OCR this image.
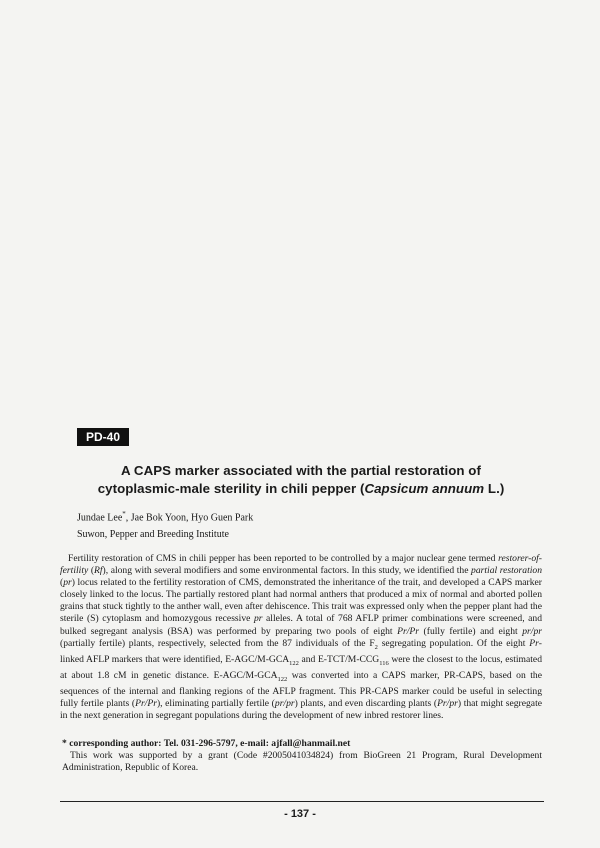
PD-40
A CAPS marker associated with the partial restoration of
cytoplasmic-male sterility in chili pepper (Capsicum annuum L.)
Jundae Lee*, Jae Bok Yoon, Hyo Guen Park
Suwon, Pepper and Breeding Institute

Fertility restoration of CMS in chili pepper has been reported to be controlled by a major nuclear gene termed restorer-of-fertility (Rf), along with several modifiers and some environmental factors. In this study, we identified the partial restoration (pr) locus related to the fertility restoration of CMS, demonstrated the inheritance of the trait, and developed a CAPS marker closely linked to the locus. The partially restored plant had normal anthers that produced a mix of normal and aborted pollen grains that stuck tightly to the anther wall, even after dehiscence. This trait was expressed only when the pepper plant had the sterile (S) cytoplasm and homozygous recessive pr alleles. A total of 768 AFLP primer combinations were screened, and bulked segregant analysis (BSA) was performed by preparing two pools of eight Pr/Pr (fully fertile) and eight pr/pr (partially fertile) plants, respectively, selected from the 87 individuals of the $F_2$ segregating population. Of the eight Pr-linked AFLP markers that were identified, $E-AGC/M-GCA_{122}$ and $E-TCT/M-CCG_{116}$ were the closest to the locus, estimated at about 1.8 cM in genetic distance. $E-AGC/M-GCA_{122}$ was converted into a CAPS marker, PR-CAPS, based on the sequences of the internal and flanking regions of the AFLP fragment. This PR-CAPS marker could be useful in selecting fully fertile plants (Pr/Pr), eliminating partially fertile (pr/pr) plants, and even discarding plants (Pr/pr) that might segregate in the next generation in segregant populations during the development of new inbred restorer lines.

* corresponding author: Tel. 031-296-5797, e-mail: ajfall@hanmail.net

This work was supported by a grant (Code #2005041034824) from BioGreen 21 Program, Rural Development Administration, Republic of Korea.

- 137 -
